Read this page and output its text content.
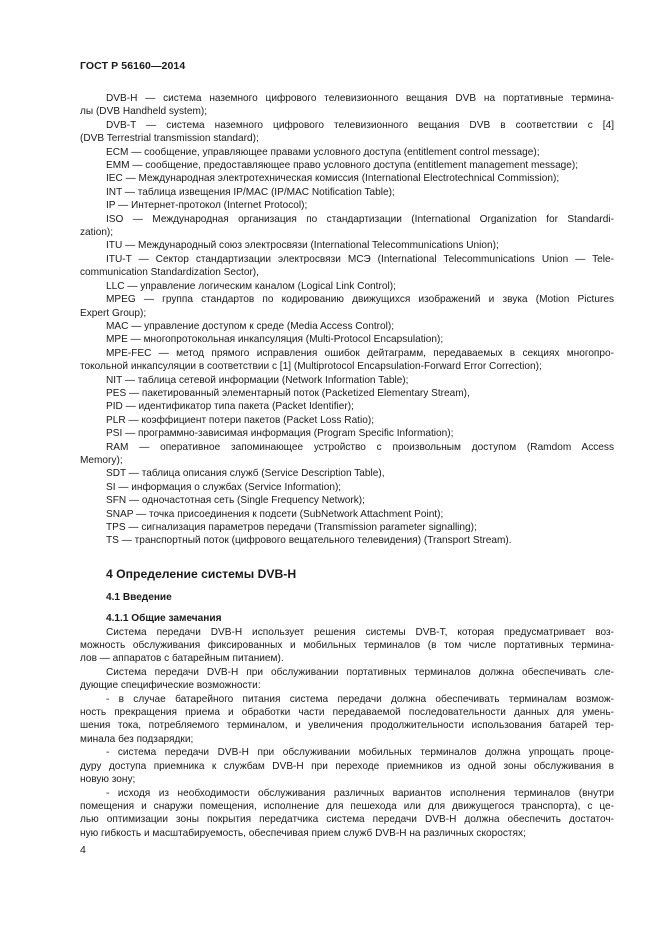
ГОСТ Р 56160—2014
DVB-H — система наземного цифрового телевизионного вещания DVB на портативные термина-
лы (DVB Handheld system);
DVB-T — система наземного цифрового телевизионного вещания DVB в соответствии с [4]
(DVB Terrestrial transmission standard);
ECM — сообщение, управляющее правами условного доступа (entitlement control message);
EMM — сообщение, предоставляющее право условного доступа (entitlement management message);
IEC — Международная электротехническая комиссия (International Electrotechnical Commission);
INT — таблица извещения IP/MAC (IP/MAC Notification Table);
IP — Интернет-протокол (Internet Protocol);
ISO — Международная организация по стандартизации (International Organization for Standardi-
zation);
ITU — Международный союз электросвязи (International Telecommunications Union);
ITU-T — Сектор стандартизации электросвязи МСЭ (International Telecommunications Union — Tele-
communication Standardization Sector),
LLC — управление логическим каналом (Logical Link Control);
MPEG — группа стандартов по кодированию движущихся изображений и звука (Motion Pictures
Expert Group);
MAC — управление доступом к среде (Media Access Control);
MPE — многопротокольная инкапсуляция (Multi-Protocol Encapsulation);
MPE-FEC — метод прямого исправления ошибок дейтаграмм, передаваемых в секциях многопро-
токольной инкапсуляции в соответствии с [1] (Multiprotocol Encapsulation-Forward Error Correction);
NIT — таблица сетевой информации (Network Information Table);
PES — пакетированный элементарный поток (Packetized Elementary Stream),
PID — идентификатор типа пакета (Packet Identifier);
PLR — коэффициент потери пакетов (Packet Loss Ratio);
PSI — программно-зависимая информация (Program Specific Information);
RAM — оперативное запоминающее устройство с произвольным доступом (Ramdom Access
Memory);
SDT — таблица описания служб (Service Description Table),
SI — информация о службах (Service Information);
SFN — одночастотная сеть (Single Frequency Network);
SNAP — точка присоединения к подсети (SubNetwork Attachment Point);
TPS — сигнализация параметров передачи (Transmission parameter signalling);
TS — транспортный поток (цифрового вещательного телевидения) (Transport Stream).
4 Определение системы DVB-H
4.1 Введение
4.1.1 Общие замечания
Система передачи DVB-H использует решения системы DVB-T, которая предусматривает воз-
можность обслуживания фиксированных и мобильных терминалов (в том числе портативных термина-
лов — аппаратов с батарейным питанием).
Система передачи DVB-H при обслуживании портативных терминалов должна обеспечивать сле-
дующие специфические возможности:
- в случае батарейного питания система передачи должна обеспечивать терминалам возмож-
ность прекращения приема и обработки части передаваемой последовательности данных для умень-
шения тока, потребляемого терминалом, и увеличения продолжительности использования батарей тер-
минала без подзарядки;
- система передачи DVB-H при обслуживании мобильных терминалов должна упрощать проце-
дуру доступа приемника к службам DVB-H при переходе приемников из одной зоны обслуживания в
новую зону;
- исходя из необходимости обслуживания различных вариантов исполнения терминалов (внутри
помещения и снаружи помещения, исполнение для пешехода или для движущегося транспорта), с це-
лью оптимизации зоны покрытия передатчика система передачи DVB-H должна обеспечить достаточ-
ную гибкость и масштабируемость, обеспечивая прием служб DVB-H на различных скоростях;
4
